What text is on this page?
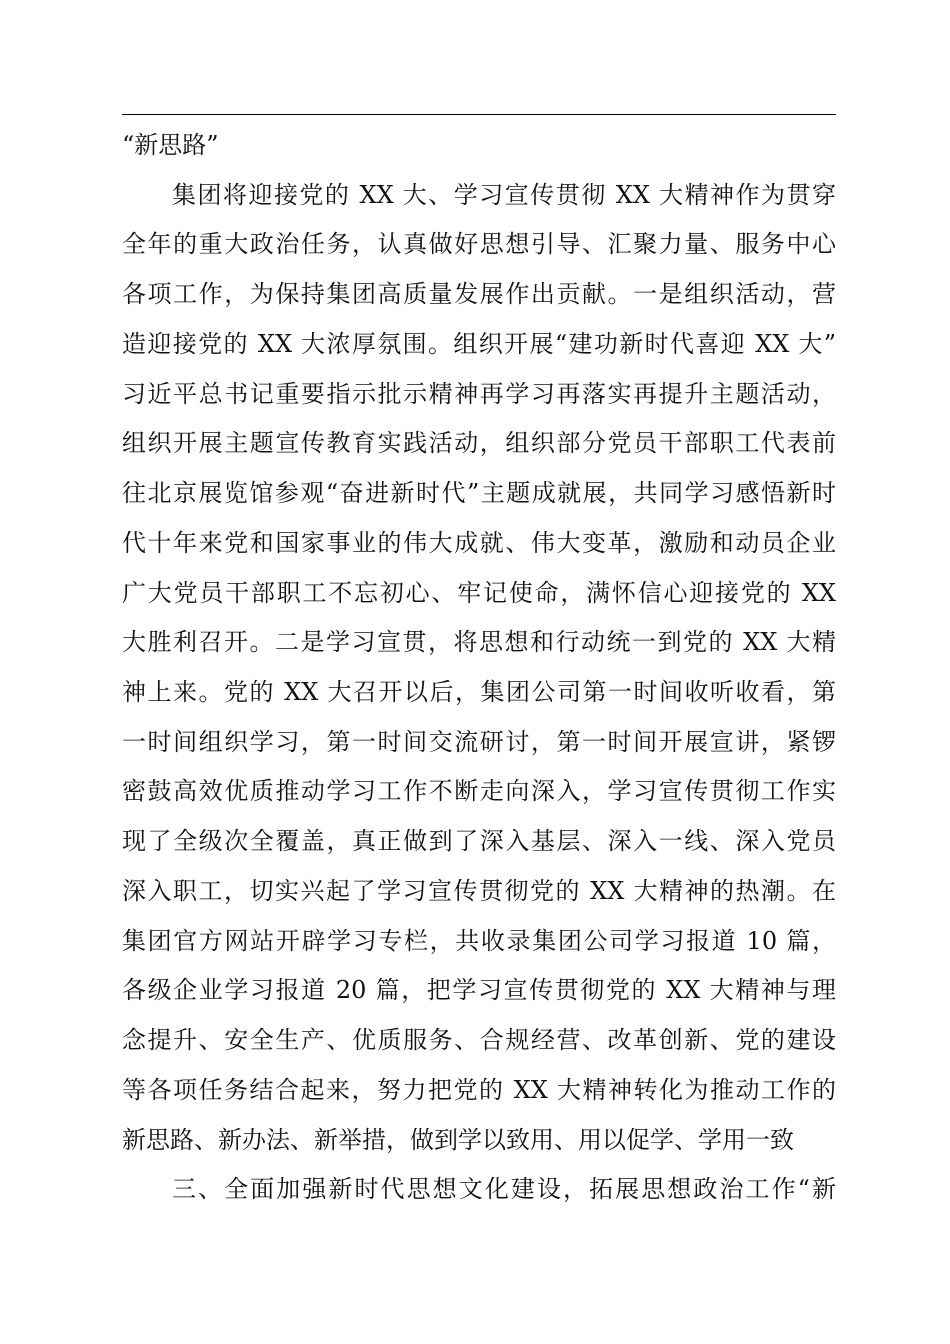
“新思路”
集团将迎接党的 XX 大、学习宣传贯彻 XX 大精神作为贯穿
全年的重大政治任务，认真做好思想引导、汇聚力量、服务中心
各项工作，为保持集团高质量发展作出贡献。一是组织活动，营
造迎接党的 XX 大浓厚氛围。组织开展“建功新时代喜迎 XX 大”
习近平总书记重要指示批示精神再学习再落实再提升主题活动，
组织开展主题宣传教育实践活动，组织部分党员干部职工代表前
往北京展览馆参观“奋进新时代”主题成就展，共同学习感悟新时
代十年来党和国家事业的伟大成就、伟大变革，激励和动员企业
广大党员干部职工不忘初心、牢记使命，满怀信心迎接党的 XX
大胜利召开。二是学习宣贯，将思想和行动统一到党的 XX 大精
神上来。党的 XX 大召开以后，集团公司第一时间收听收看，第
一时间组织学习，第一时间交流研讨，第一时间开展宣讲，紧锣
密鼓高效优质推动学习工作不断走向深入，学习宣传贯彻工作实
现了全级次全覆盖，真正做到了深入基层、深入一线、深入党员
深入职工，切实兴起了学习宣传贯彻党的 XX 大精神的热潮。在
集团官方网站开辟学习专栏，共收录集团公司学习报道 10 篇，
各级企业学习报道 20 篇，把学习宣传贯彻党的 XX 大精神与理
念提升、安全生产、优质服务、合规经营、改革创新、党的建设
等各项任务结合起来，努力把党的 XX 大精神转化为推动工作的
新思路、新办法、新举措，做到学以致用、用以促学、学用一致
三、全面加强新时代思想文化建设，拓展思想政治工作“新
